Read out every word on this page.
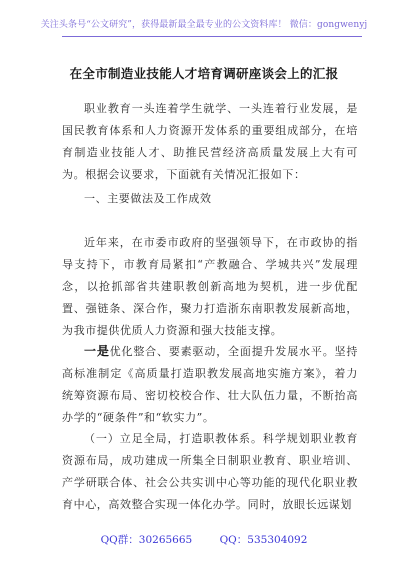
关注头条号“公文研究”，获得最新最全最专业的公文资料库！ 微信：gongwenyj
在全市制造业技能人才培育调研座谈会上的汇报

职业教育一头连着学生就学、一头连着行业发展，是国民教育体系和人力资源开发体系的重要组成部分，在培育制造业技能人才、助推民营经济高质量发展上大有可为。根据会议要求，下面就有关情况汇报如下：

一、主要做法及工作成效

近年来，在市委市政府的坚强领导下，在市政协的指导支持下，市教育局紧扣“产教融合、学城共兴”发展理念，以抢抓部省共建职教创新高地为契机，进一步优配置、强链条、深合作，聚力打造浙东南职教发展新高地，为我市提供优质人力资源和强大技能支撑。

一是优化整合、要素驱动，全面提升发展水平。坚持高标准制定《高质量打造职教发展高地实施方案》，着力统筹资源布局、密切校校合作、壮大队伍力量，不断抬高办学的“硬条件”和“软实力”。

（一）立足全局，打造职教体系。科学规划职业教育资源布局，成功建成一所集全日制职业教育、职业培训、产学研联合体、社会公共实训中心等功能的现代化职业教育中心，高效整合实现一体化办学。同时，放眼长远谋划

QQ群：30265665	QQ：535304092
